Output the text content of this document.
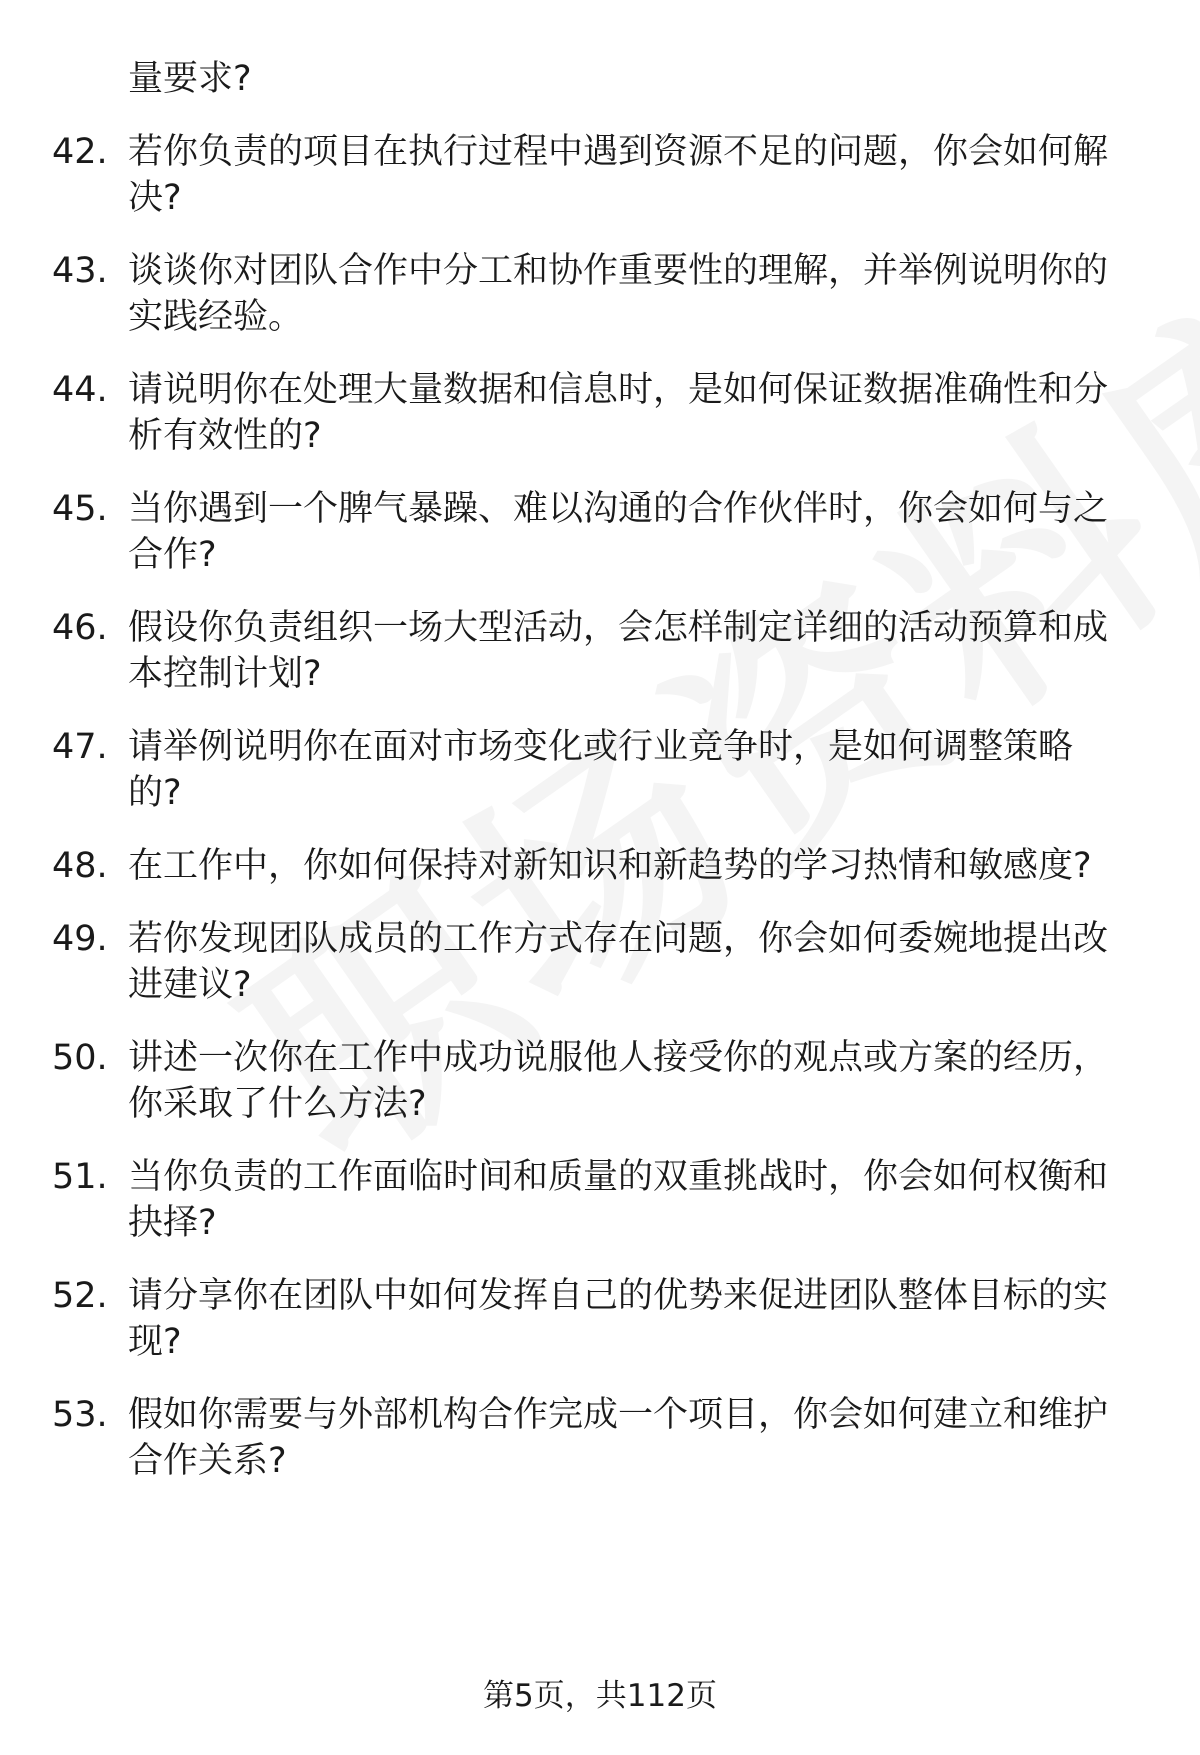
量要求?
42. 若你负责的项目在执行过程中遇到资源不足的问题，你会如何解
决?
43. 谈谈你对团队合作中分工和协作重要性的理解，并举例说明你的
实践经验。
44. 请说明你在处理大量数据和信息时，是如何保证数据准确性和分
析有效性的?
45. 当你遇到一个脾气暴躁、难以沟通的合作伙伴时，你会如何与之
合作?
46. 假设你负责组织一场大型活动，会怎样制定详细的活动预算和成
本控制计划?
47. 请举例说明你在面对市场变化或行业竞争时，是如何调整策略
的?
48. 在工作中，你如何保持对新知识和新趋势的学习热情和敏感度?
49. 若你发现团队成员的工作方式存在问题，你会如何委婉地提出改
进建议?
50. 讲述一次你在工作中成功说服他人接受你的观点或方案的经历，
你采取了什么方法?
51. 当你负责的工作面临时间和质量的双重挑战时，你会如何权衡和
抉择?
52. 请分享你在团队中如何发挥自己的优势来促进团队整体目标的实
现?
53. 假如你需要与外部机构合作完成一个项目，你会如何建立和维护
合作关系?
第5页，共112页
